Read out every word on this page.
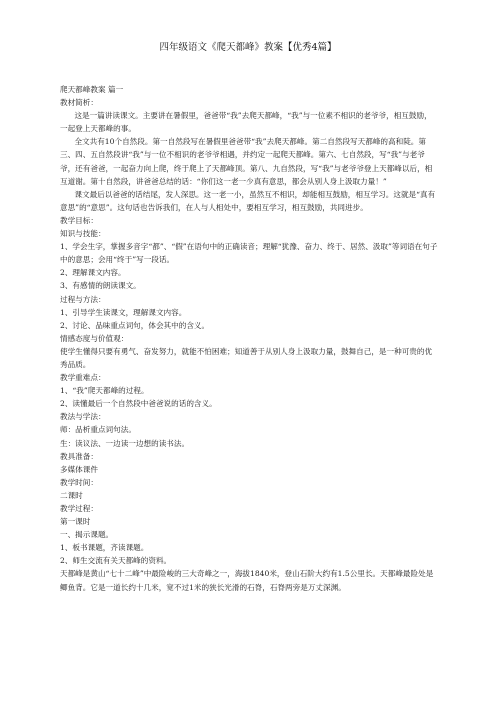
四年级语文《爬天都峰》教案【优秀4篇】

爬天都峰教案 篇一

教材简析：

这是一篇讲读课文。主要讲在暑假里，爸爸带“我”去爬天都峰，“我”与一位素不相识的老爷爷，相互鼓励，一起登上天都峰的事。

全文共有10个自然段。第一自然段写在暑假里爸爸带“我”去爬天都峰。第二自然段写天都峰的高和陡。第三、四、五自然段讲“我”与一位不相识的老爷爷相遇，并约定一起爬天都峰。第六、七自然段，写“我”与老爷爷，还有爸爸，一起奋力向上爬，终于爬上了天都峰顶。第八、九自然段，写“我”与老爷爷登上天都峰以后，相互道谢。第十自然段，讲爸爸总结的话：“你们这一老一少真有意思，都会从别人身上汲取力量！”

课文最后以爸爸的话结尾，发人深思。这一老一小，虽然互不相识，却能相互鼓励，相互学习。这就是“真有意思”的“意思”。这句话也告诉我们，在人与人相处中，要相互学习，相互鼓励，共同进步。

教学目标：

知识与技能：

1、学会生字，掌握多音字“都”、“假”在语句中的正确读音；理解“犹豫、奋力、终于、居然、汲取”等词语在句子中的意思；会用“终于”写一段话。

2、理解课文内容。

3、有感情的朗读课文。

过程与方法：

1、引导学生读课文，理解课文内容。

2、讨论、品味重点词句，体会其中的含义。

情感态度与价值观：

使学生懂得只要有勇气、奋发努力，就能不怕困难；知道善于从别人身上汲取力量，鼓舞自己，是一种可贵的优秀品质。

教学重难点：

1、“我”爬天都峰的过程。

2、读懂最后一个自然段中爸爸说的话的含义。

教法与学法：

师：品析重点词句法。

生：读议法、一边读一边想的读书法。

教具准备：

多媒体课件

教学时间：

二课时

教学过程：

第一课时

一、揭示课题。

1、板书课题，齐读课题。

2、师生交流有关天都峰的资料。

天都峰是黄山“七十二峰”中最险峻的三大奇峰之一，海拔1840米，登山石阶大约有1.5公里长。天都峰最险处是鲫鱼背。它是一道长约十几米，宽不过1米的狭长光滑的石脊，石脊两旁是万丈深渊。
